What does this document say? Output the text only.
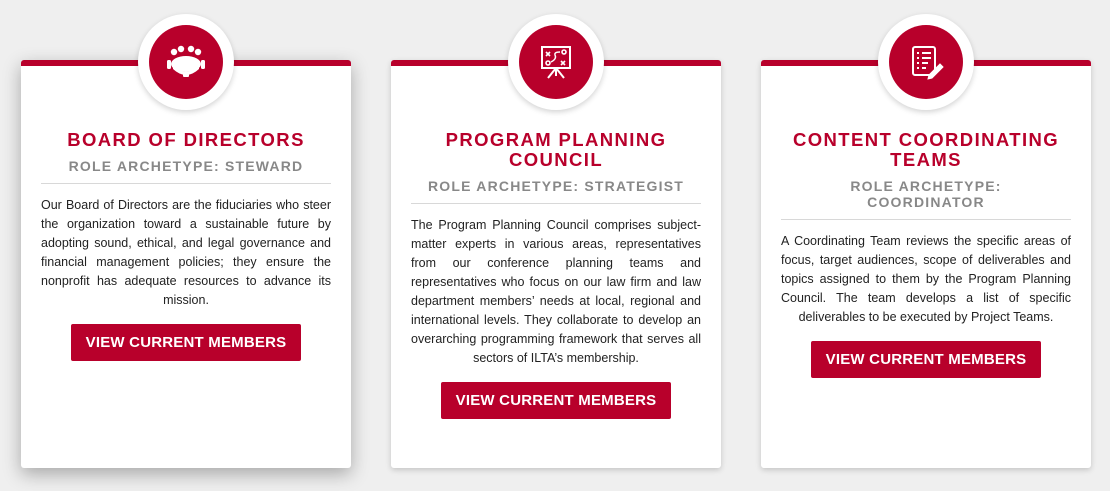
BOARD OF DIRECTORS
ROLE ARCHETYPE: STEWARD
Our Board of Directors are the fiduciaries who steer the organization toward a sustainable future by adopting sound, ethical, and legal governance and financial management policies; they ensure the nonprofit has adequate resources to advance its mission.
VIEW CURRENT MEMBERS
PROGRAM PLANNING COUNCIL
ROLE ARCHETYPE: STRATEGIST
The Program Planning Council comprises subject-matter experts in various areas, representatives from our conference planning teams and representatives who focus on our law firm and law department members’ needs at local, regional and international levels. They collaborate to develop an overarching programming framework that serves all sectors of ILTA’s membership.
VIEW CURRENT MEMBERS
CONTENT COORDINATING TEAMS
ROLE ARCHETYPE: COORDINATOR
A Coordinating Team reviews the specific areas of focus, target audiences, scope of deliverables and topics assigned to them by the Program Planning Council. The team develops a list of specific deliverables to be executed by Project Teams.
VIEW CURRENT MEMBERS
